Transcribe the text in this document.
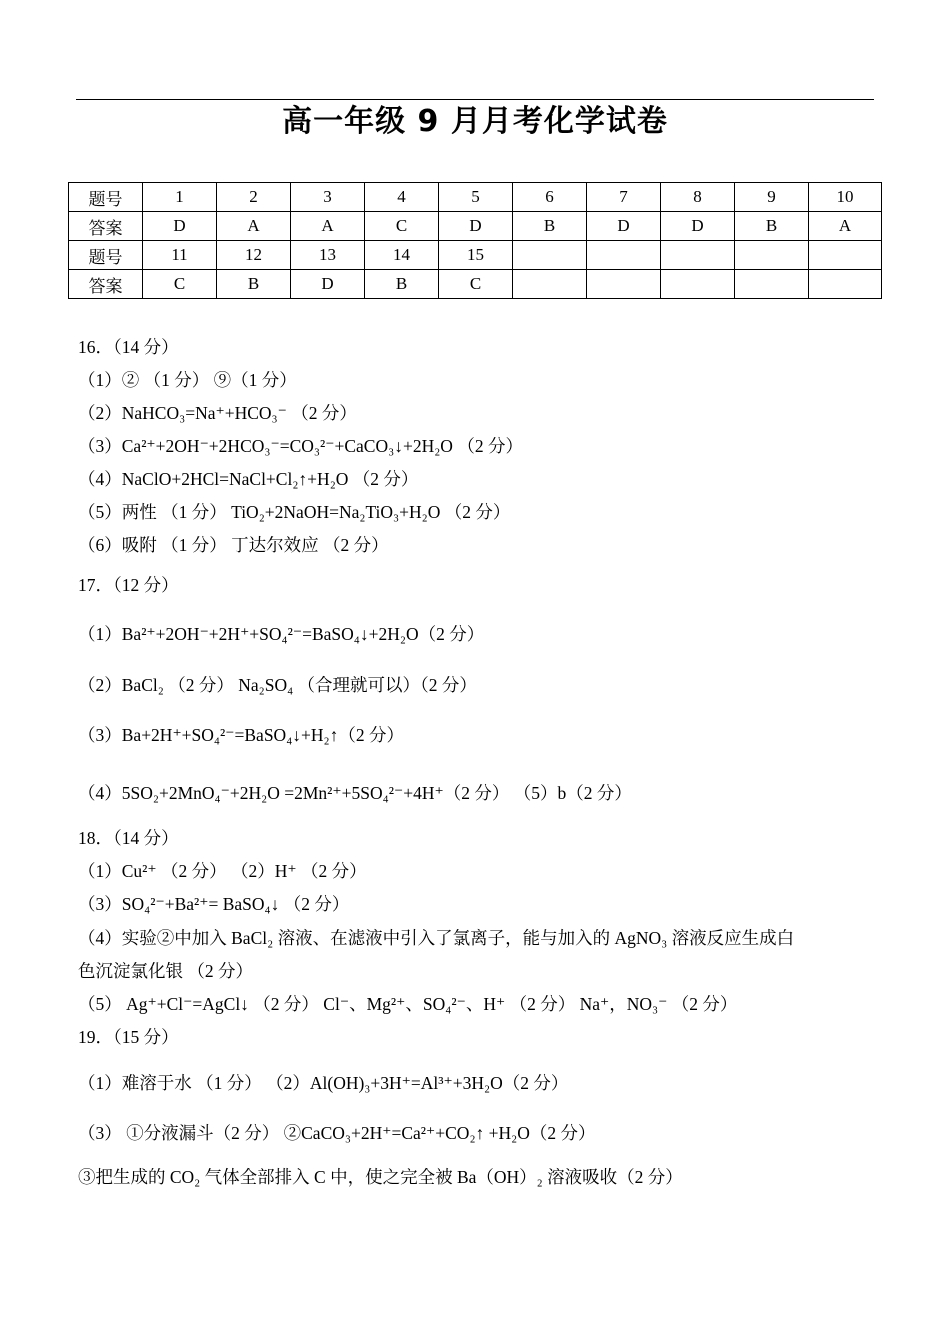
高一年级 9 月月考化学试卷
题号	1	2	3	4	5	6	7	8	9	10
答案	D	A	A	C	D	B	D	D	B	A
题号	11	12	13	14	15					
答案	C	B	D	B	C					
16．（14 分）
（1）② （1 分） ⑨（1 分）
（2）NaHCO₃=Na⁺+HCO₃⁻ （2 分）
（3）Ca²⁺+2OH⁻+2HCO₃⁻=CO₃²⁻+CaCO₃↓+2H₂O （2 分）
（4）NaClO+2HCl=NaCl+Cl₂↑+H₂O （2 分）
（5）两性 （1 分） TiO₂+2NaOH=Na₂TiO₃+H₂O （2 分）
（6）吸附 （1 分） 丁达尔效应 （2 分）
17．（12 分）
（1）Ba²⁺+2OH⁻+2H⁺+SO₄²⁻=BaSO₄↓+2H₂O（2 分）
（2）BaCl₂ （2 分） Na₂SO₄ （合理就可以）（2 分）
（3）Ba+2H⁺+SO₄²⁻=BaSO₄↓+H₂↑（2 分）
（4）5SO₂+2MnO₄⁻+2H₂O =2Mn²⁺+5SO₄²⁻+4H⁺（2 分） （5）b（2 分）
18．（14 分）
（1）Cu²⁺ （2 分） （2）H⁺ （2 分）
（3）SO₄²⁻+Ba²⁺= BaSO₄↓ （2 分）
（4）实验②中加入 BaCl₂ 溶液、在滤液中引入了氯离子，能与加入的 AgNO₃ 溶液反应生成白
色沉淀氯化银 （2 分）
（5） Ag⁺+Cl⁻=AgCl↓ （2 分） Cl⁻、Mg²⁺、SO₄²⁻、H⁺ （2 分） Na⁺，NO₃⁻ （2 分）
19．（15 分）
（1）难溶于水 （1 分） （2）Al(OH)₃+3H⁺=Al³⁺+3H₂O（2 分）
（3） ①分液漏斗（2 分） ②CaCO₃+2H⁺=Ca²⁺+CO₂↑ +H₂O（2 分）
③把生成的 CO₂ 气体全部排入 C 中，使之完全被 Ba（OH）₂ 溶液吸收（2 分）
